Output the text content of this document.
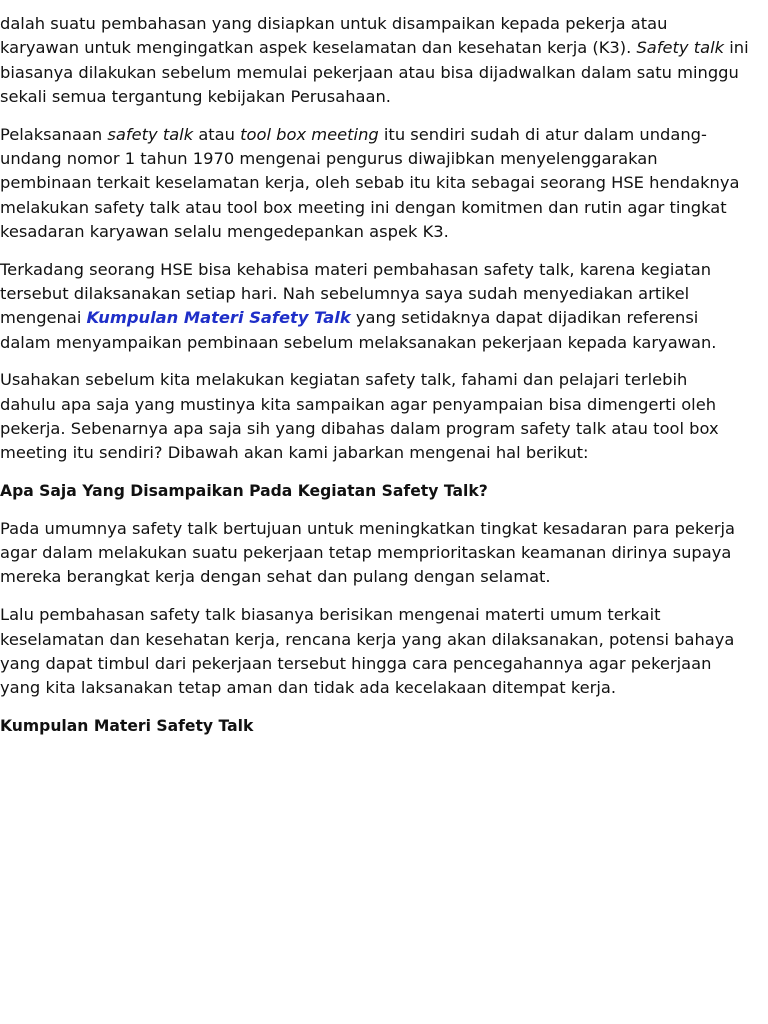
dalah suatu pembahasan yang disiapkan untuk disampaikan kepada pekerja atau
karyawan untuk mengingatkan aspek keselamatan dan kesehatan kerja (K3). Safety talk ini
biasanya dilakukan sebelum memulai pekerjaan atau bisa dijadwalkan dalam satu minggu
sekali semua tergantung kebijakan Perusahaan.
Pelaksanaan safety talk atau tool box meeting itu sendiri sudah di atur dalam undang-
undang nomor 1 tahun 1970 mengenai pengurus diwajibkan menyelenggarakan
pembinaan terkait keselamatan kerja, oleh sebab itu kita sebagai seorang HSE hendaknya
melakukan safety talk atau tool box meeting ini dengan komitmen dan rutin agar tingkat
kesadaran karyawan selalu mengedepankan aspek K3.
Terkadang seorang HSE bisa kehabisa materi pembahasan safety talk, karena kegiatan
tersebut dilaksanakan setiap hari. Nah sebelumnya saya sudah menyediakan artikel
mengenai Kumpulan Materi Safety Talk yang setidaknya dapat dijadikan referensi
dalam menyampaikan pembinaan sebelum melaksanakan pekerjaan kepada karyawan.
Usahakan sebelum kita melakukan kegiatan safety talk, fahami dan pelajari terlebih
dahulu apa saja yang mustinya kita sampaikan agar penyampaian bisa dimengerti oleh
pekerja. Sebenarnya apa saja sih yang dibahas dalam program safety talk atau tool box
meeting itu sendiri? Dibawah akan kami jabarkan mengenai hal berikut:
Apa Saja Yang Disampaikan Pada Kegiatan Safety Talk?
Pada umumnya safety talk bertujuan untuk meningkatkan tingkat kesadaran para pekerja
agar dalam melakukan suatu pekerjaan tetap memprioritaskan keamanan dirinya supaya
mereka berangkat kerja dengan sehat dan pulang dengan selamat.
Lalu pembahasan safety talk biasanya berisikan mengenai materti umum terkait
keselamatan dan kesehatan kerja, rencana kerja yang akan dilaksanakan, potensi bahaya
yang dapat timbul dari pekerjaan tersebut hingga cara pencegahannya agar pekerjaan
yang kita laksanakan tetap aman dan tidak ada kecelakaan ditempat kerja.
Kumpulan Materi Safety Talk
